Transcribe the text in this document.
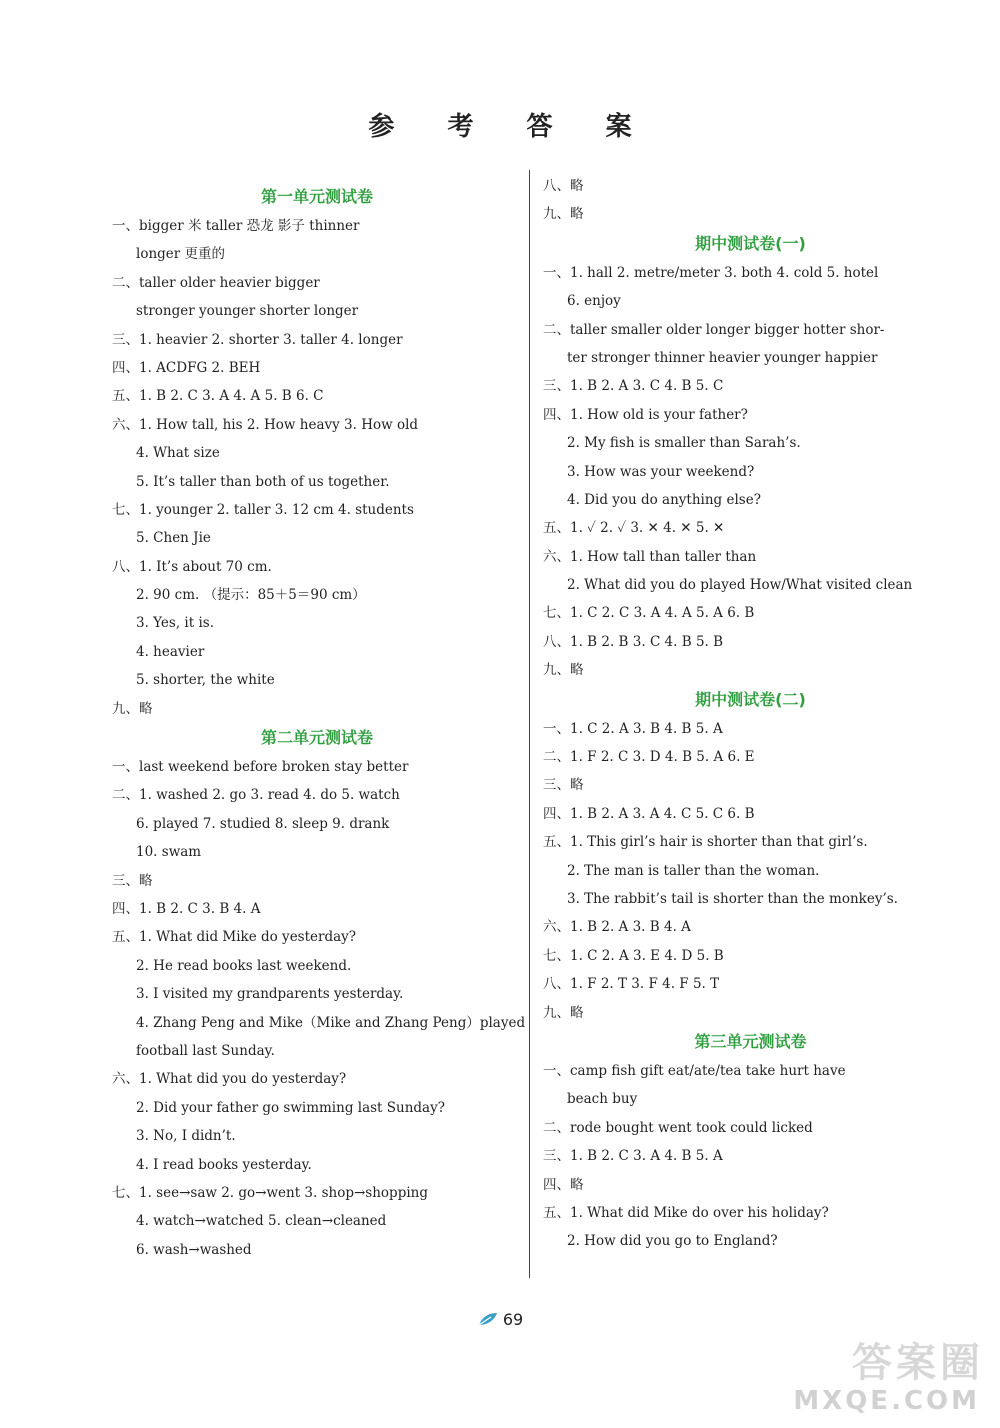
参 考 答 案
第一单元测试卷
一、bigger 米 taller 恐龙 影子 thinner
longer 更重的
二、taller older heavier bigger
stronger younger shorter longer
三、1. heavier 2. shorter 3. taller 4. longer
四、1. ACDFG 2. BEH
五、1. B 2. C 3. A 4. A 5. B 6. C
六、1. How tall, his 2. How heavy 3. How old
4. What size
5. It’s taller than both of us together.
七、1. younger 2. taller 3. 12 cm 4. students
5. Chen Jie
八、1. It’s about 70 cm.
2. 90 cm. （提示：85＋5＝90 cm）
3. Yes, it is.
4. heavier
5. shorter, the white
九、略
第二单元测试卷
一、last weekend before broken stay better
二、1. washed 2. go 3. read 4. do 5. watch
6. played 7. studied 8. sleep 9. drank
10. swam
三、略
四、1. B 2. C 3. B 4. A
五、1. What did Mike do yesterday?
2. He read books last weekend.
3. I visited my grandparents yesterday.
4. Zhang Peng and Mike（Mike and Zhang Peng）played
football last Sunday.
六、1. What did you do yesterday?
2. Did your father go swimming last Sunday?
3. No, I didn’t.
4. I read books yesterday.
七、1. see→saw 2. go→went 3. shop→shopping
4. watch→watched 5. clean→cleaned
6. wash→washed
八、略
九、略
期中测试卷(一)
一、1. hall 2. metre/meter 3. both 4. cold 5. hotel
6. enjoy
二、taller smaller older longer bigger hotter shor-
ter stronger thinner heavier younger happier
三、1. B 2. A 3. C 4. B 5. C
四、1. How old is your father?
2. My fish is smaller than Sarah’s.
3. How was your weekend?
4. Did you do anything else?
五、1. ✓ 2. ✓ 3. ✕ 4. ✕ 5. ✕
六、1. How tall than taller than
2. What did you do played How/What visited clean
七、1. C 2. C 3. A 4. A 5. A 6. B
八、1. B 2. B 3. C 4. B 5. B
九、略
期中测试卷(二)
一、1. C 2. A 3. B 4. B 5. A
二、1. F 2. C 3. D 4. B 5. A 6. E
三、略
四、1. B 2. A 3. A 4. C 5. C 6. B
五、1. This girl’s hair is shorter than that girl’s.
2. The man is taller than the woman.
3. The rabbit’s tail is shorter than the monkey’s.
六、1. B 2. A 3. B 4. A
七、1. C 2. A 3. E 4. D 5. B
八、1. F 2. T 3. F 4. F 5. T
九、略
第三单元测试卷
一、camp fish gift eat/ate/tea take hurt have
beach buy
二、rode bought went took could licked
三、1. B 2. C 3. A 4. B 5. A
四、略
五、1. What did Mike do over his holiday?
2. How did you go to England?
69
答案圈
MXQE.COM
